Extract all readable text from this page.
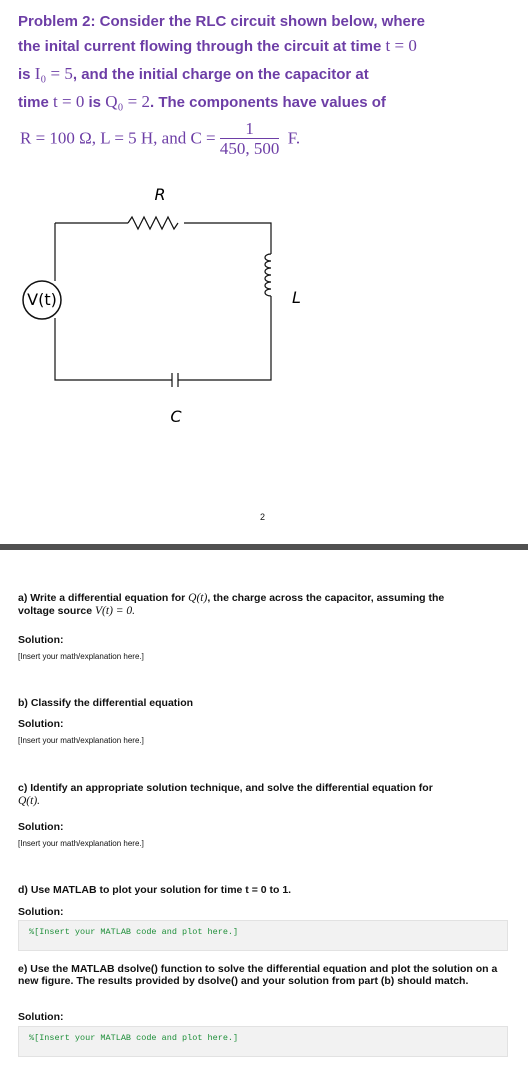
Problem 2: Consider the RLC circuit shown below, where
the inital current flowing through the circuit at time t = 0
is I₀ = 5, and the initial charge on the capacitor at
time t = 0 is Q₀ = 2. The components have values of
R = 100 Ω, L = 5 H, and $C = \frac{1}{450, 500} F$.
R
L
C
V(t)
2
a) Write a differential equation for Q(t), the charge across the capacitor, assuming the
voltage source V(t) = 0.
Solution:
[Insert your math/explanation here.]
b) Classify the differential equation
Solution:
[Insert your math/explanation here.]
c) Identify an appropriate solution technique, and solve the differential equation for
Q(t).
Solution:
[Insert your math/explanation here.]
d) Use MATLAB to plot your solution for time t = 0 to 1.
Solution:
%[Insert your MATLAB code and plot here.]
e) Use the MATLAB dsolve() function to solve the differential equation and plot the solution on a new figure. The results provided by dsolve() and your solution from part (b) should match.
Solution:
%[Insert your MATLAB code and plot here.]
